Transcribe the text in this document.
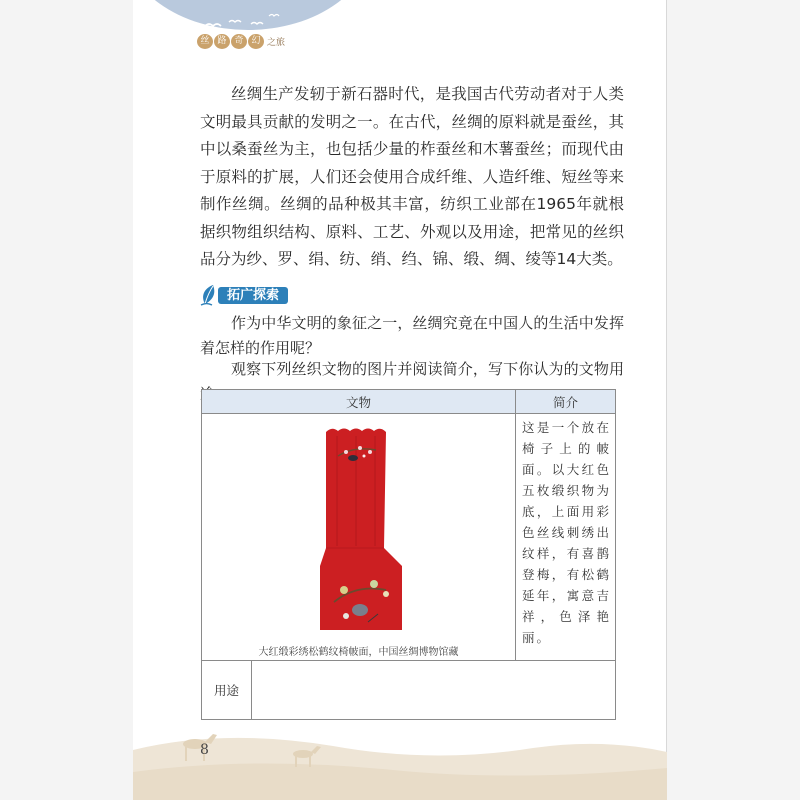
丝 路 奇 幻 之旅

丝绸生产发轫于新石器时代，是我国古代劳动者对于人类文明最具贡献的发明之一。在古代，丝绸的原料就是蚕丝，其中以桑蚕丝为主，也包括少量的柞蚕丝和木薯蚕丝；而现代由于原料的扩展，人们还会使用合成纤维、人造纤维、短丝等来制作丝绸。丝绸的品种极其丰富，纺织工业部在1965年就根据织物组织结构、原料、工艺、外观以及用途，把常见的丝织品分为纱、罗、绢、纺、绡、绉、锦、缎、绸、绫等14大类。

拓广探索

作为中华文明的象征之一，丝绸究竟在中国人的生活中发挥着怎样的作用呢？

观察下列丝织文物的图片并阅读简介，写下你认为的文物用

文物		简介

大红缎彩绣松鹤纹椅帔面，中国丝绸博物馆藏		这是一个放在椅子上的帔面。以大红色五枚缎织物为底，上面用彩色丝线刺绣出纹样，有喜鹊登梅，有松鹤延年，寓意吉祥，色泽艳丽。
用途		
8
